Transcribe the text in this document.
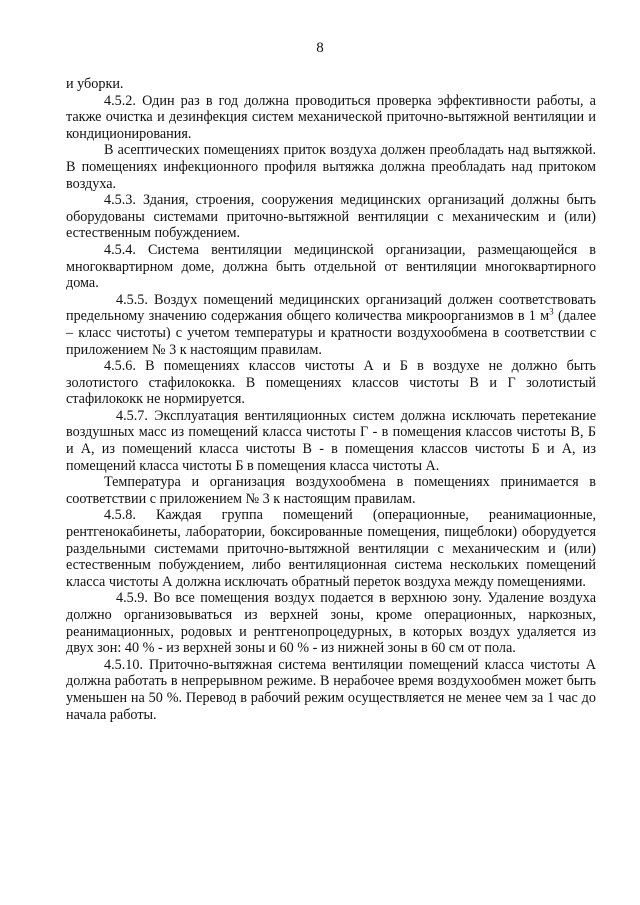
8

и уборки.

4.5.2. Один раз в год должна проводиться проверка эффективности работы, а также очистка и дезинфекция систем механической приточно-вытяжной вентиляции и кондиционирования.

В асептических помещениях приток воздуха должен преобладать над вытяжкой. В помещениях инфекционного профиля вытяжка должна преобладать над притоком воздуха.

4.5.3. Здания, строения, сооружения медицинских организаций должны быть оборудованы системами приточно-вытяжной вентиляции с механическим и (или) естественным побуждением.

4.5.4. Система вентиляции медицинской организации, размещающейся в многоквартирном доме, должна быть отдельной от вентиляции многоквартирного дома.

4.5.5. Воздух помещений медицинских организаций должен соответствовать предельному значению содержания общего количества микроорганизмов в 1 $м^3$ (далее – класс чистоты) с учетом температуры и кратности воздухообмена в соответствии с приложением № 3 к настоящим правилам.

4.5.6. В помещениях классов чистоты А и Б в воздухе не должно быть золотистого стафилококка. В помещениях классов чистоты В и Г золотистый стафилококк не нормируется.

4.5.7. Эксплуатация вентиляционных систем должна исключать перетекание воздушных масс из помещений класса чистоты Г - в помещения классов чистоты В, Б и А, из помещений класса чистоты В - в помещения классов чистоты Б и А, из помещений класса чистоты Б в помещения класса чистоты А.

Температура и организация воздухообмена в помещениях принимается в соответствии с приложением № 3 к настоящим правилам.

4.5.8. Каждая группа помещений (операционные, реанимационные, рентгенокабинеты, лаборатории, боксированные помещения, пищеблоки) оборудуется раздельными системами приточно-вытяжной вентиляции с механическим и (или) естественным побуждением, либо вентиляционная система нескольких помещений класса чистоты А должна исключать обратный переток воздуха между помещениями.

4.5.9. Во все помещения воздух подается в верхнюю зону. Удаление воздуха должно организовываться из верхней зоны, кроме операционных, наркозных, реанимационных, родовых и рентгенопроцедурных, в которых воздух удаляется из двух зон: 40 % - из верхней зоны и 60 % - из нижней зоны в 60 см от пола.

4.5.10. Приточно-вытяжная система вентиляции помещений класса чистоты А должна работать в непрерывном режиме. В нерабочее время воздухообмен может быть уменьшен на 50 %. Перевод в рабочий режим осуществляется не менее чем за 1 час до начала работы.
